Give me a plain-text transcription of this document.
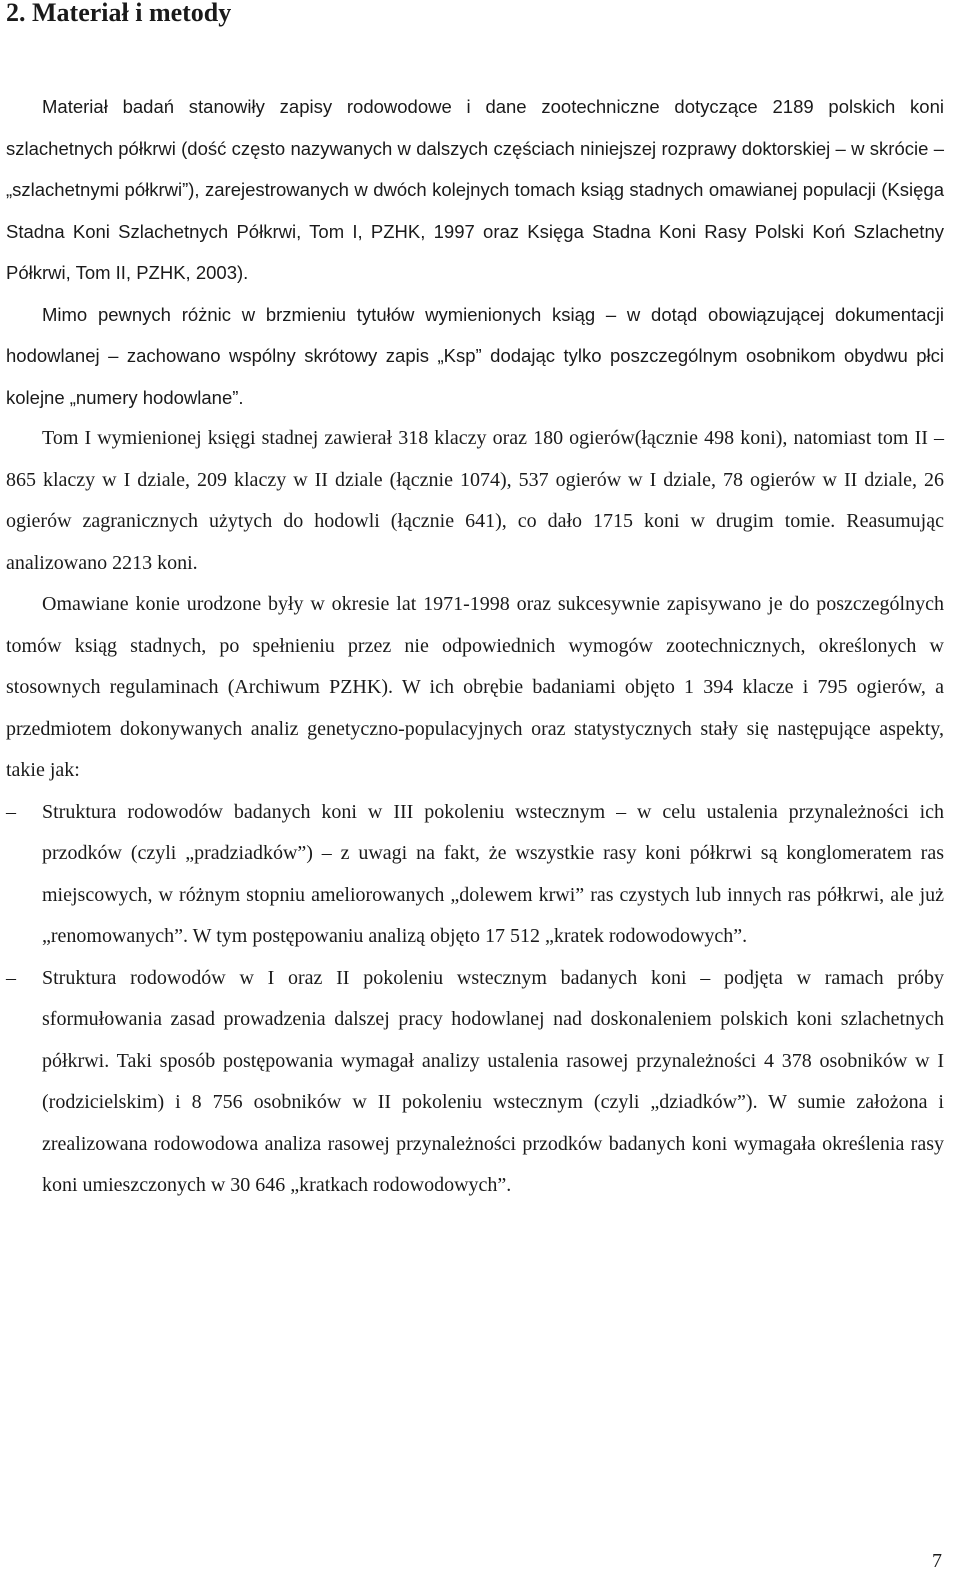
2. Materiał i metody

Materiał badań stanowiły zapisy rodowodowe i dane zootechniczne dotyczące 2189 polskich koni szlachetnych półkrwi (dość często nazywanych w dalszych częściach niniejszej rozprawy doktorskiej – w skrócie – „szlachetnymi półkrwi”), zarejestrowanych w dwóch kolejnych tomach ksiąg stadnych omawianej populacji (Księga Stadna Koni Szlachetnych Półkrwi, Tom I, PZHK, 1997 oraz Księga Stadna Koni Rasy Polski Koń Szlachetny Półkrwi, Tom II, PZHK, 2003).

Mimo pewnych różnic w brzmieniu tytułów wymienionych ksiąg – w dotąd obowiązującej dokumentacji hodowlanej – zachowano wspólny skrótowy zapis „Ksp” dodając tylko poszczególnym osobnikom obydwu płci kolejne „numery hodowlane”.

Tom I wymienionej księgi stadnej zawierał 318 klaczy oraz 180 ogierów(łącznie 498 koni), natomiast tom II – 865 klaczy w I dziale, 209 klaczy w II dziale (łącznie 1074), 537 ogierów w I dziale, 78 ogierów w II dziale, 26 ogierów zagranicznych użytych do hodowli (łącznie 641), co dało 1715 koni w drugim tomie. Reasumując analizowano 2213 koni.

Omawiane konie urodzone były w okresie lat 1971-1998 oraz sukcesywnie zapisywano je do poszczególnych tomów ksiąg stadnych, po spełnieniu przez nie odpowiednich wymogów zootechnicznych, określonych w stosownych regulaminach (Archiwum PZHK). W ich obrębie badaniami objęto 1 394 klacze i 795 ogierów, a przedmiotem dokonywanych analiz genetyczno-populacyjnych oraz statystycznych stały się następujące aspekty, takie jak:

–	Struktura rodowodów badanych koni w III pokoleniu wstecznym – w celu ustalenia przynależności ich przodków (czyli „pradziadków”) – z uwagi na fakt, że wszystkie rasy koni półkrwi są konglomeratem ras miejscowych, w różnym stopniu ameliorowanych „dolewem krwi” ras czystych lub innych ras półkrwi, ale już „renomowanych”. W tym postępowaniu analizą objęto 17 512 „kratek rodowodowych”.
–	Struktura rodowodów w I oraz II pokoleniu wstecznym badanych koni – podjęta w ramach próby sformułowania zasad prowadzenia dalszej pracy hodowlanej nad doskonaleniem polskich koni szlachetnych półkrwi. Taki sposób postępowania wymagał analizy ustalenia rasowej przynależności 4 378 osobników w I (rodzicielskim) i 8 756 osobników w II pokoleniu wstecznym (czyli „dziadków”). W sumie założona i zrealizowana rodowodowa analiza rasowej przynależności przodków badanych koni wymagała określenia rasy koni umieszczonych w 30 646 „kratkach rodowodowych”.
7
